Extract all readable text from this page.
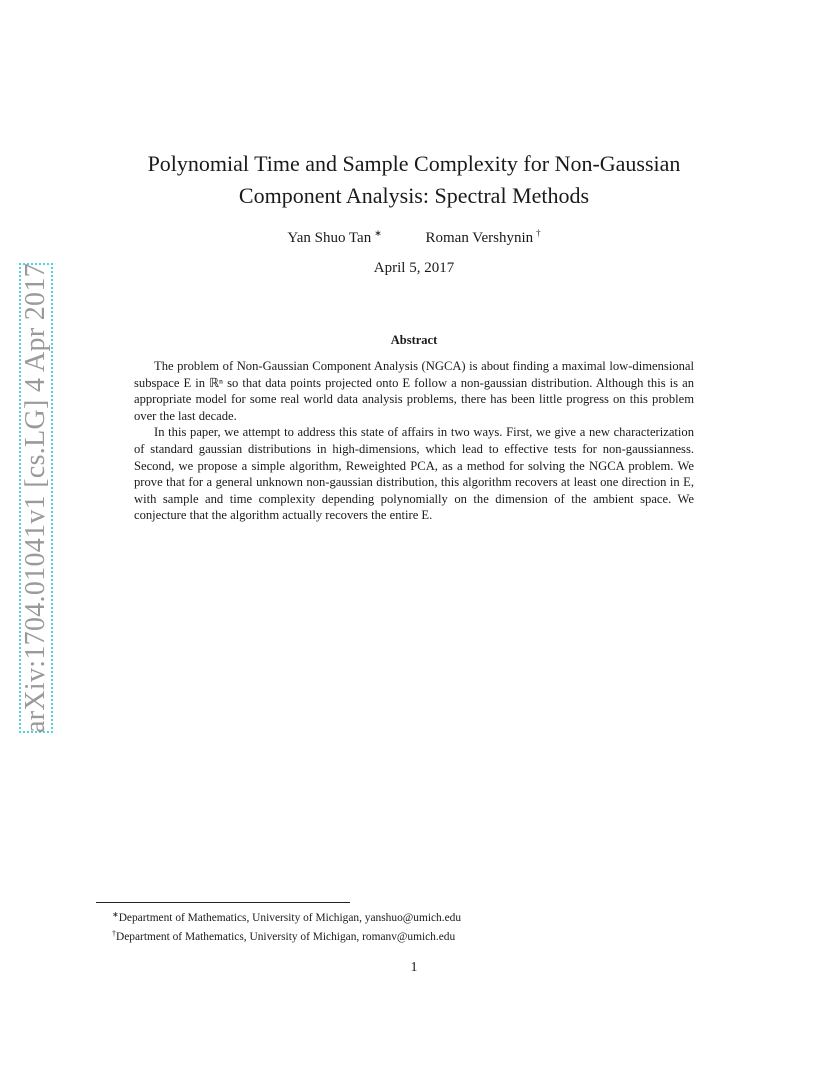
arXiv:1704.01041v1 [cs.LG] 4 Apr 2017
Polynomial Time and Sample Complexity for Non-Gaussian
Component Analysis: Spectral Methods
Yan Shuo Tan ∗	Roman Vershynin †
April 5, 2017
Abstract

The problem of Non-Gaussian Component Analysis (NGCA) is about finding a maximal low-dimensional subspace E in ℝⁿ so that data points projected onto E follow a non-gaussian distribution. Although this is an appropriate model for some real world data analysis problems, there has been little progress on this problem over the last decade.

In this paper, we attempt to address this state of affairs in two ways. First, we give a new characterization of standard gaussian distributions in high-dimensions, which lead to effective tests for non-gaussianness. Second, we propose a simple algorithm, Reweighted PCA, as a method for solving the NGCA problem. We prove that for a general unknown non-gaussian distribution, this algorithm recovers at least one direction in E, with sample and time complexity depending polynomially on the dimension of the ambient space. We conjecture that the algorithm actually recovers the entire E.

∗Department of Mathematics, University of Michigan, yanshuo@umich.edu
†Department of Mathematics, University of Michigan, romanv@umich.edu
1
